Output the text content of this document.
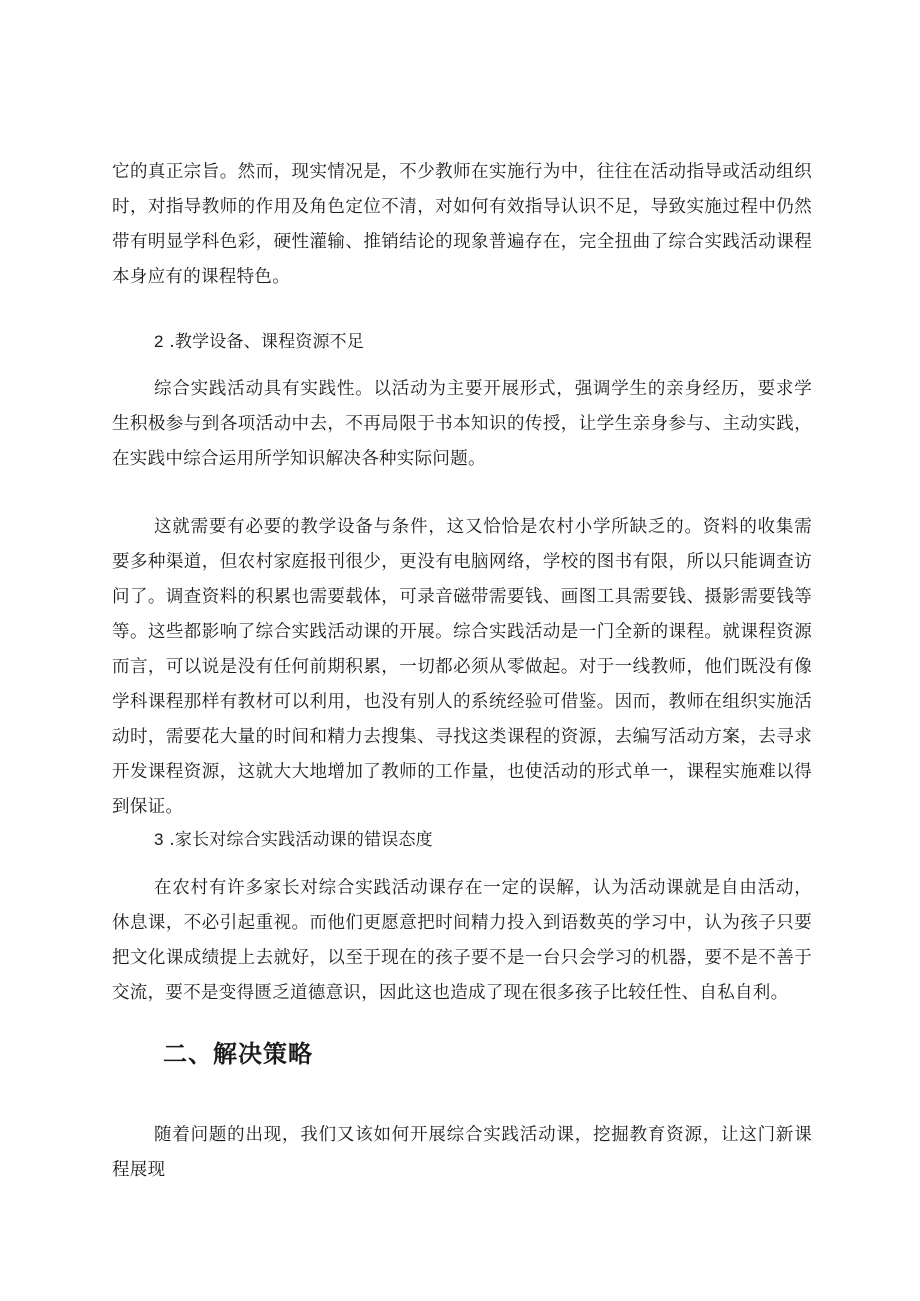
它的真正宗旨。然而，现实情况是，不少教师在实施行为中，往往在活动指导或活动组织时，对指导教师的作用及角色定位不清，对如何有效指导认识不足，导致实施过程中仍然带有明显学科色彩，硬性灌输、推销结论的现象普遍存在，完全扭曲了综合实践活动课程本身应有的课程特色。

2 .教学设备、课程资源不足

综合实践活动具有实践性。以活动为主要开展形式，强调学生的亲身经历，要求学生积极参与到各项活动中去，不再局限于书本知识的传授，让学生亲身参与、主动实践，在实践中综合运用所学知识解决各种实际问题。

这就需要有必要的教学设备与条件，这又恰恰是农村小学所缺乏的。资料的收集需要多种渠道，但农村家庭报刊很少，更没有电脑网络，学校的图书有限，所以只能调查访问了。调查资料的积累也需要载体，可录音磁带需要钱、画图工具需要钱、摄影需要钱等等。这些都影响了综合实践活动课的开展。综合实践活动是一门全新的课程。就课程资源而言，可以说是没有任何前期积累，一切都必须从零做起。对于一线教师，他们既没有像学科课程那样有教材可以利用，也没有别人的系统经验可借鉴。因而，教师在组织实施活动时，需要花大量的时间和精力去搜集、寻找这类课程的资源，去编写活动方案，去寻求开发课程资源，这就大大地增加了教师的工作量，也使活动的形式单一，课程实施难以得到保证。

3 .家长对综合实践活动课的错误态度

在农村有许多家长对综合实践活动课存在一定的误解，认为活动课就是自由活动，休息课，不必引起重视。而他们更愿意把时间精力投入到语数英的学习中，认为孩子只要把文化课成绩提上去就好，以至于现在的孩子要不是一台只会学习的机器，要不是不善于交流，要不是变得匮乏道德意识，因此这也造成了现在很多孩子比较任性、自私自利。

二、解决策略

随着问题的出现，我们又该如何开展综合实践活动课，挖掘教育资源，让这门新课程展现
